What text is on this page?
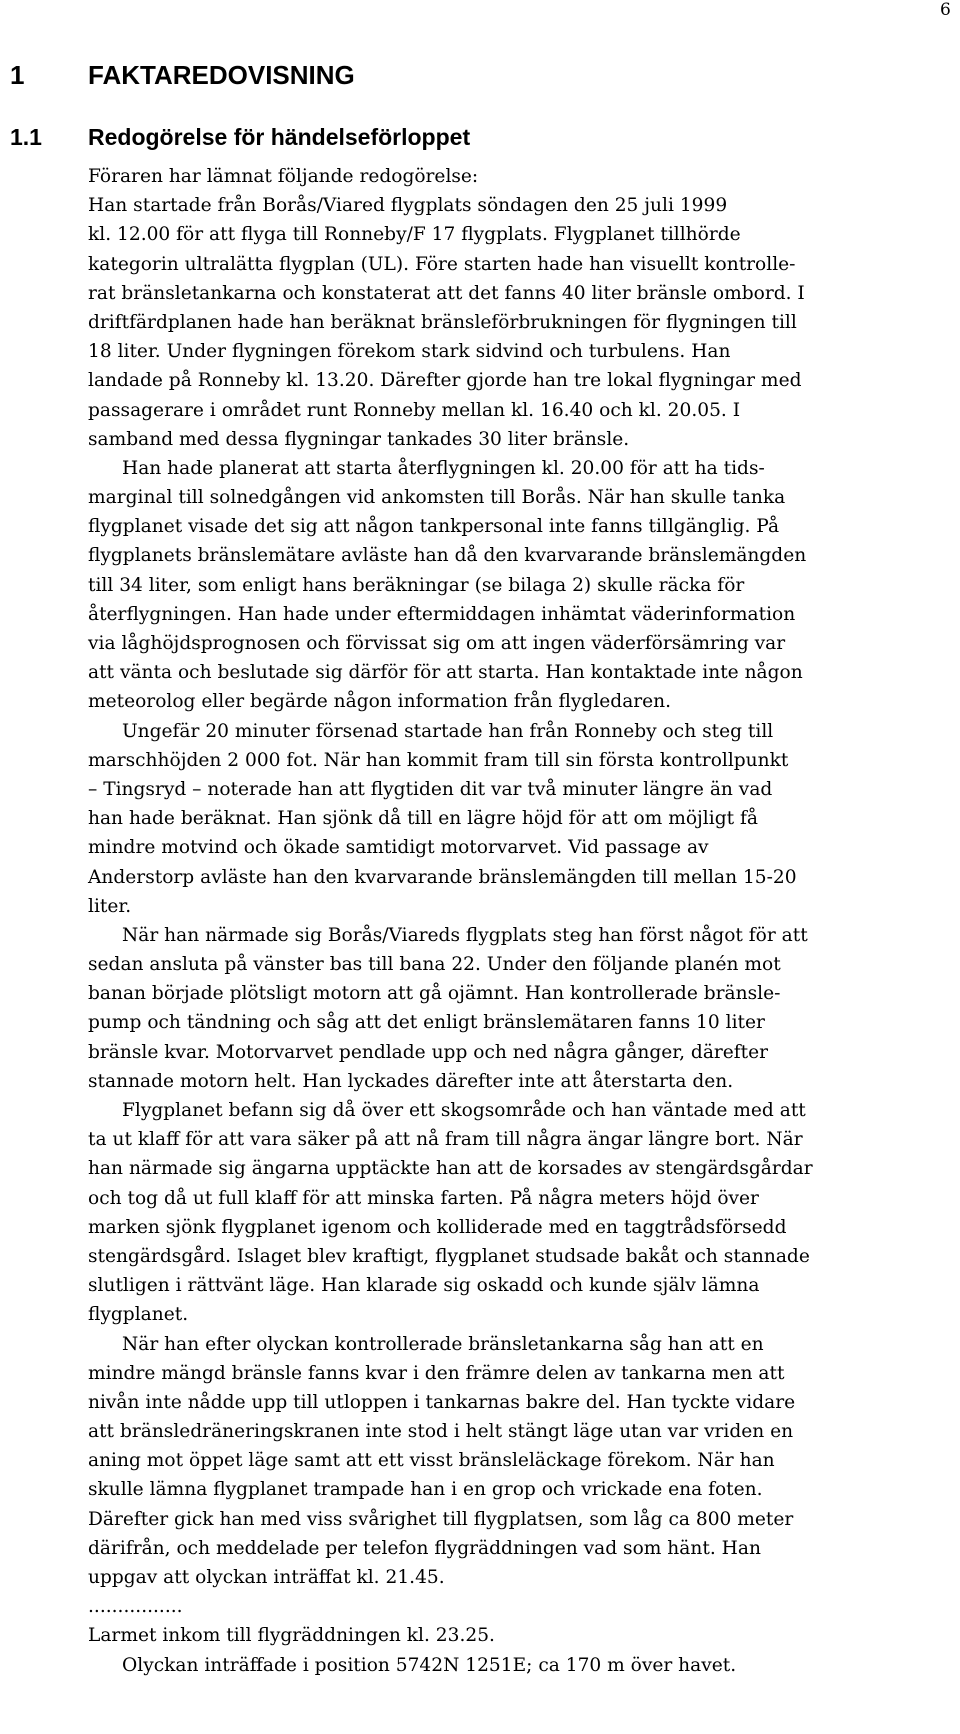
6
1 FAKTAREDOVISNING
1.1 Redogörelse för händelseförloppet
Föraren har lämnat följande redogörelse:
Han startade från Borås/Viared flygplats söndagen den 25 juli 1999
kl. 12.00 för att flyga till Ronneby/F 17 flygplats. Flygplanet tillhörde
kategorin ultralätta flygplan (UL). Före starten hade han visuellt kontrolle-
rat bränsletankarna och konstaterat att det fanns 40 liter bränsle ombord. I
driftfärdplanen hade han beräknat bränsleförbrukningen för flygningen till
18 liter. Under flygningen förekom stark sidvind och turbulens. Han
landade på Ronneby kl. 13.20. Därefter gjorde han tre lokal flygningar med
passagerare i området runt Ronneby mellan kl. 16.40 och kl. 20.05. I
samband med dessa flygningar tankades 30 liter bränsle.
Han hade planerat att starta återflygningen kl. 20.00 för att ha tids-
marginal till solnedgången vid ankomsten till Borås. När han skulle tanka
flygplanet visade det sig att någon tankpersonal inte fanns tillgänglig. På
flygplanets bränslemätare avläste han då den kvarvarande bränslemängden
till 34 liter, som enligt hans beräkningar (se bilaga 2) skulle räcka för
återflygningen. Han hade under eftermiddagen inhämtat väderinformation
via låghöjdsprognosen och förvissat sig om att ingen väderförsämring var
att vänta och beslutade sig därför för att starta. Han kontaktade inte någon
meteorolog eller begärde någon information från flygledaren.
Ungefär 20 minuter försenad startade han från Ronneby och steg till
marschhöjden 2 000 fot. När han kommit fram till sin första kontrollpunkt
– Tingsryd – noterade han att flygtiden dit var två minuter längre än vad
han hade beräknat. Han sjönk då till en lägre höjd för att om möjligt få
mindre motvind och ökade samtidigt motorvarvet. Vid passage av
Anderstorp avläste han den kvarvarande bränslemängden till mellan 15-20
liter.
När han närmade sig Borås/Viareds flygplats steg han först något för att
sedan ansluta på vänster bas till bana 22. Under den följande planén mot
banan började plötsligt motorn att gå ojämnt. Han kontrollerade bränsle-
pump och tändning och såg att det enligt bränslemätaren fanns 10 liter
bränsle kvar. Motorvarvet pendlade upp och ned några gånger, därefter
stannade motorn helt. Han lyckades därefter inte att återstarta den.
Flygplanet befann sig då över ett skogsområde och han väntade med att
ta ut klaff för att vara säker på att nå fram till några ängar längre bort. När
han närmade sig ängarna upptäckte han att de korsades av stengärdsgårdar
och tog då ut full klaff för att minska farten. På några meters höjd över
marken sjönk flygplanet igenom och kolliderade med en taggtrådsförsedd
stengärdsgård. Islaget blev kraftigt, flygplanet studsade bakåt och stannade
slutligen i rättvänt läge. Han klarade sig oskadd och kunde själv lämna
flygplanet.
När han efter olyckan kontrollerade bränsletankarna såg han att en
mindre mängd bränsle fanns kvar i den främre delen av tankarna men att
nivån inte nådde upp till utloppen i tankarnas bakre del. Han tyckte vidare
att bränsledräneringskranen inte stod i helt stängt läge utan var vriden en
aning mot öppet läge samt att ett visst bränsleläckage förekom. När han
skulle lämna flygplanet trampade han i en grop och vrickade ena foten.
Därefter gick han med viss svårighet till flygplatsen, som låg ca 800 meter
därifrån, och meddelade per telefon flygräddningen vad som hänt. Han
uppgav att olyckan inträffat kl. 21.45.
................
Larmet inkom till flygräddningen kl. 23.25.
Olyckan inträffade i position 5742N 1251E; ca 170 m över havet.
